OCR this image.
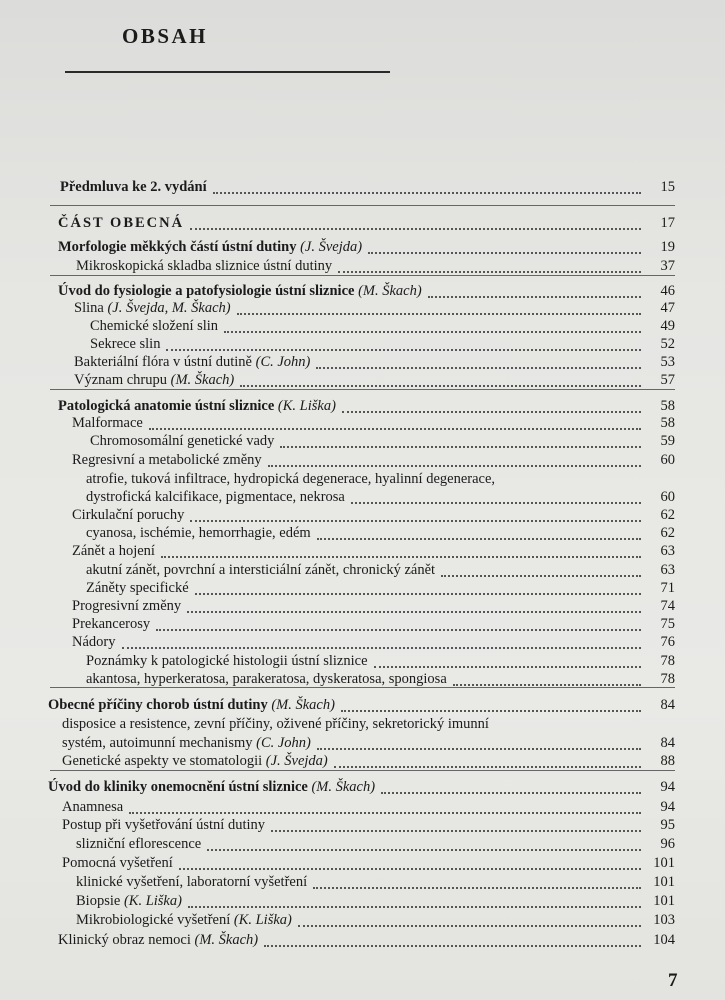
OBSAH
Předmluva ke 2. vydání	15
ČÁST OBECNÁ	17
Morfologie měkkých částí ústní dutiny (J. Švejda)	19
Mikroskopická skladba sliznice ústní dutiny	37
Úvod do fysiologie a patofysiologie ústní sliznice (M. Škach)	46
Slina (J. Švejda, M. Škach)	47
Chemické složení slin	49
Sekrece slin	52
Bakteriální flóra v ústní dutině (C. John)	53
Význam chrupu (M. Škach)	57
Patologická anatomie ústní sliznice (K. Liška)	58
Malformace	58
Chromosomální genetické vady	59
Regresivní a metabolické změny	60
atrofie, tuková infiltrace, hydropická degenerace, hyalinní degenerace,
dystrofická kalcifikace, pigmentace, nekrosa	60
Cirkulační poruchy	62
cyanosa, ischémie, hemorrhagie, edém	62
Zánět a hojení	63
akutní zánět, povrchní a intersticiální zánět, chronický zánět	63
Záněty specifické	71
Progresivní změny	74
Prekancerosy	75
Nádory	76
Poznámky k patologické histologii ústní sliznice	78
akantosa, hyperkeratosa, parakeratosa, dyskeratosa, spongiosa	78
Obecné příčiny chorob ústní dutiny (M. Škach)	84
disposice a resistence, zevní příčiny, oživené příčiny, sekretorický imunní
systém, autoimunní mechanismy (C. John)	84
Genetické aspekty ve stomatologii (J. Švejda)	88
Úvod do kliniky onemocnění ústní sliznice (M. Škach)	94
Anamnesa	94
Postup při vyšetřování ústní dutiny	95
slizniční eflorescence	96
Pomocná vyšetření	101
klinické vyšetření, laboratorní vyšetření	101
Biopsie (K. Liška)	101
Mikrobiologické vyšetření (K. Liška)	103
Klinický obraz nemoci (M. Škach)	104
7
